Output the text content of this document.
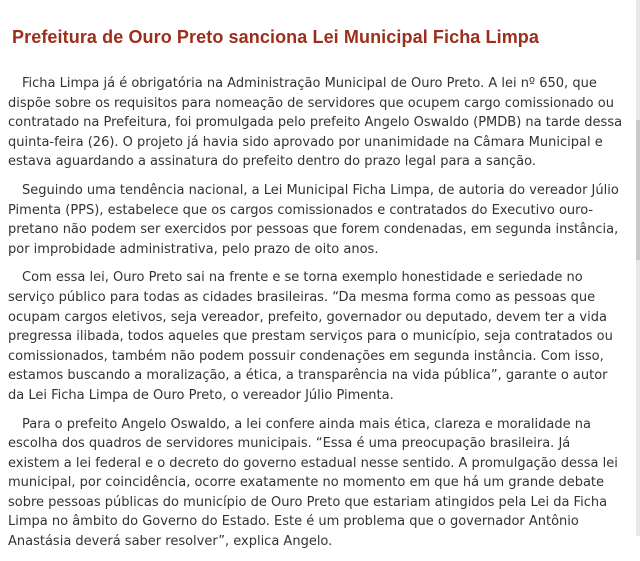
Prefeitura de Ouro Preto sanciona Lei Municipal Ficha Limpa

Ficha Limpa já é obrigatória na Administração Municipal de Ouro Preto. A lei nº 650, que dispõe sobre os requisitos para nomeação de servidores que ocupem cargo comissionado ou contratado na Prefeitura, foi promulgada pelo prefeito Angelo Oswaldo (PMDB) na tarde dessa quinta-feira (26). O projeto já havia sido aprovado por unanimidade na Câmara Municipal e estava aguardando a assinatura do prefeito dentro do prazo legal para a sanção.

Seguindo uma tendência nacional, a Lei Municipal Ficha Limpa, de autoria do vereador Júlio Pimenta (PPS), estabelece que os cargos comissionados e contratados do Executivo ouro-pretano não podem ser exercidos por pessoas que forem condenadas, em segunda instância, por improbidade administrativa, pelo prazo de oito anos.

Com essa lei, Ouro Preto sai na frente e se torna exemplo honestidade e seriedade no serviço público para todas as cidades brasileiras. “Da mesma forma como as pessoas que ocupam cargos eletivos, seja vereador, prefeito, governador ou deputado, devem ter a vida pregressa ilibada, todos aqueles que prestam serviços para o município, seja contratados ou comissionados, também não podem possuir condenações em segunda instância. Com isso, estamos buscando a moralização, a ética, a transparência na vida pública”, garante o autor da Lei Ficha Limpa de Ouro Preto, o vereador Júlio Pimenta.

Para o prefeito Angelo Oswaldo, a lei confere ainda mais ética, clareza e moralidade na escolha dos quadros de servidores municipais. “Essa é uma preocupação brasileira. Já existem a lei federal e o decreto do governo estadual nesse sentido. A promulgação dessa lei municipal, por coincidência, ocorre exatamente no momento em que há um grande debate sobre pessoas públicas do município de Ouro Preto que estariam atingidos pela Lei da Ficha Limpa no âmbito do Governo do Estado. Este é um problema que o governador Antônio Anastásia deverá saber resolver”, explica Angelo.
